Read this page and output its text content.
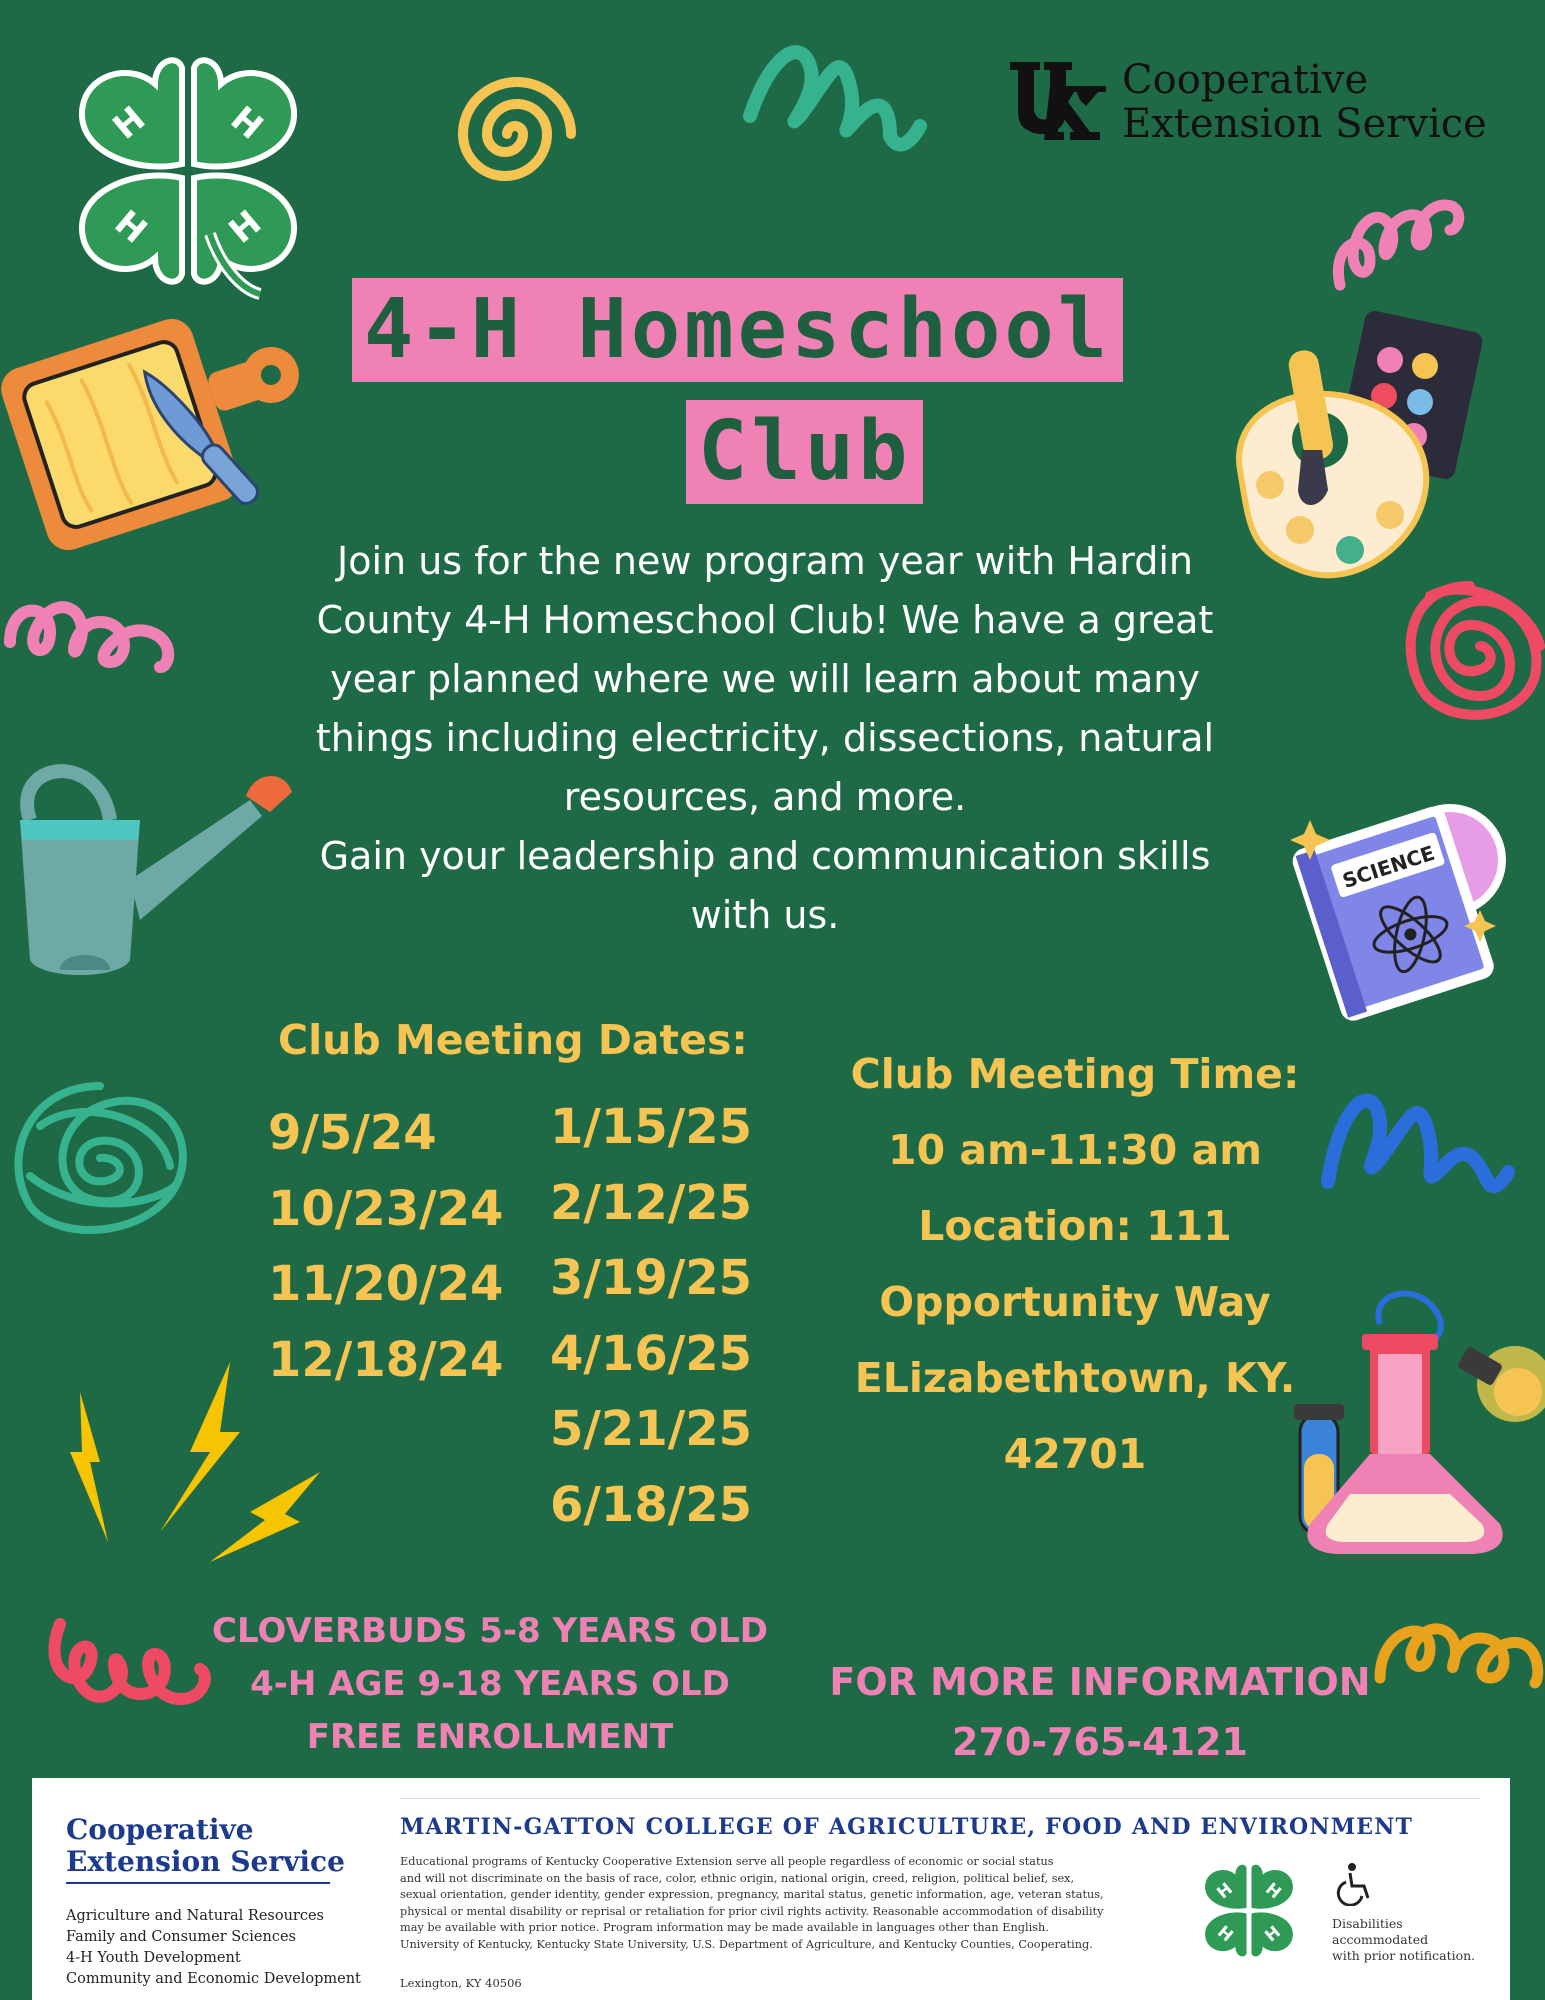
H H
H H
Cooperative
Extension Service
4-H Homeschool
Club
Join us for the new program year with Hardin
County 4-H Homeschool Club! We have a great
year planned where we will learn about many
things including electricity, dissections, natural
resources, and more.
Gain your leadership and communication skills
with us.
SCIENCE
Club Meeting Dates:
9/5/24
10/23/24
11/20/24
12/18/24
1/15/25
2/12/25
3/19/25
4/16/25
5/21/25
6/18/25
Club Meeting Time:
10 am-11:30 am
Location: 111
Opportunity Way
ELizabethtown, KY.
42701
CLOVERBUDS 5-8 YEARS OLD
4-H AGE 9-18 YEARS OLD
FREE ENROLLMENT
FOR MORE INFORMATION
270-765-4121
Cooperative
Extension Service
Agriculture and Natural Resources
Family and Consumer Sciences
4-H Youth Development
Community and Economic Development
MARTIN-GATTON COLLEGE OF AGRICULTURE, FOOD AND ENVIRONMENT
Educational programs of Kentucky Cooperative Extension serve all people regardless of economic or social status
and will not discriminate on the basis of race, color, ethnic origin, national origin, creed, religion, political belief, sex,
sexual orientation, gender identity, gender expression, pregnancy, marital status, genetic information, age, veteran status,
physical or mental disability or reprisal or retaliation for prior civil rights activity. Reasonable accommodation of disability
may be available with prior notice. Program information may be made available in languages other than English.
University of Kentucky, Kentucky State University, U.S. Department of Agriculture, and Kentucky Counties, Cooperating.
Lexington, KY 40506
H H
H H	Disabilities
accommodated
with prior notification.
